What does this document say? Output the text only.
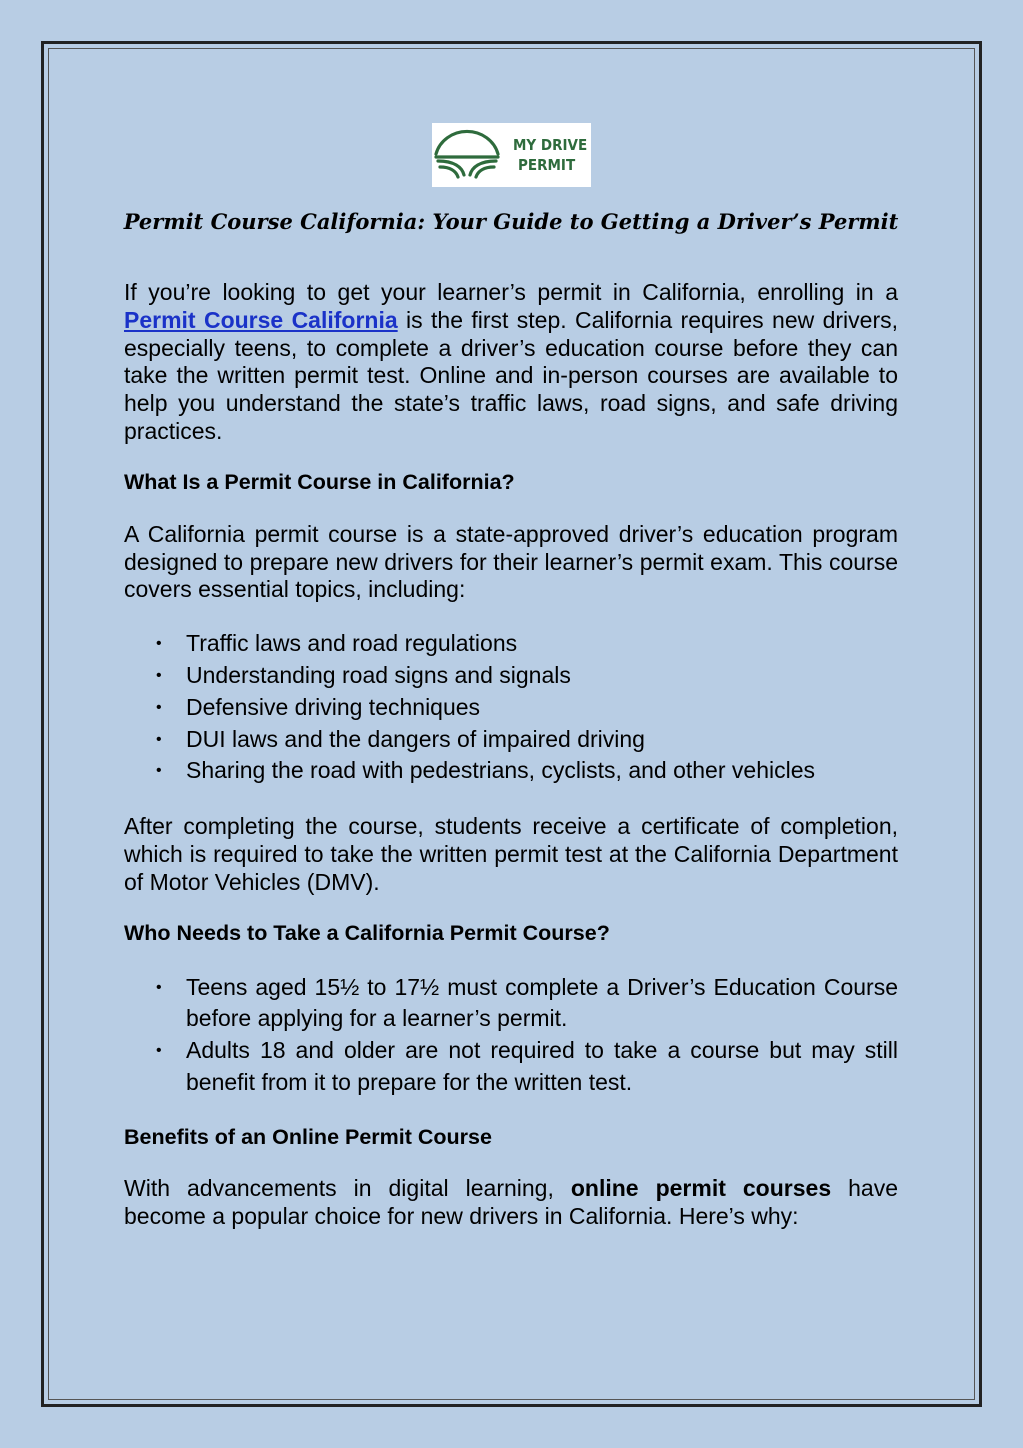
MY DRIVE
PERMIT
Permit Course California: Your Guide to Getting a Driver’s Permit

If you’re looking to get your learner’s permit in California, enrolling in a Permit Course California is the first step. California requires new drivers, especially teens, to complete a driver’s education course before they can take the written permit test. Online and in-person courses are available to help you understand the state’s traffic laws, road signs, and safe driving practices.

What Is a Permit Course in California?

A California permit course is a state-approved driver’s education program designed to prepare new drivers for their learner’s permit exam. This course covers essential topics, including:

• Traffic laws and road regulations
• Understanding road signs and signals
• Defensive driving techniques
• DUI laws and the dangers of impaired driving
• Sharing the road with pedestrians, cyclists, and other vehicles

After completing the course, students receive a certificate of completion, which is required to take the written permit test at the California Department of Motor Vehicles (DMV).

Who Needs to Take a California Permit Course?
• Teens aged 15½ to 17½ must complete a Driver’s Education Course before applying for a learner’s permit.
• Adults 18 and older are not required to take a course but may still benefit from it to prepare for the written test.
Benefits of an Online Permit Course

With advancements in digital learning, online permit courses have become a popular choice for new drivers in California. Here’s why:
